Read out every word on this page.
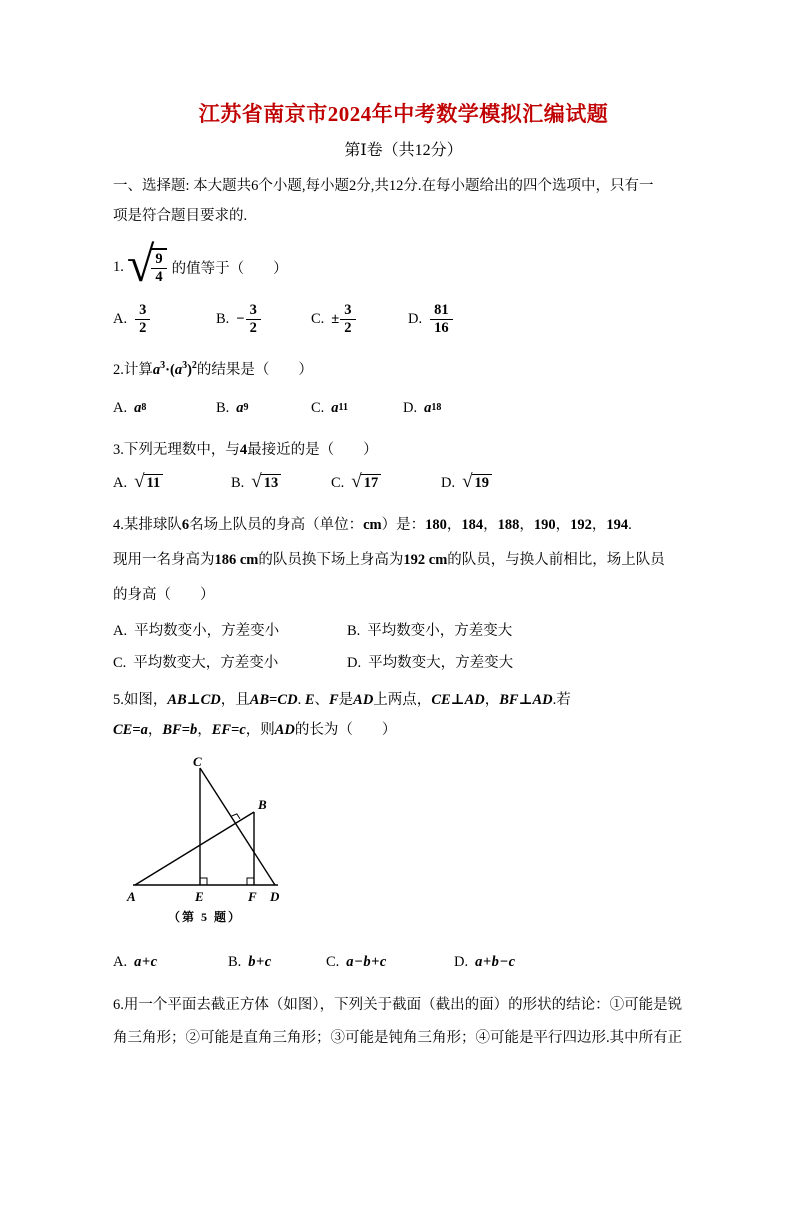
江苏省南京市2024年中考数学模拟汇编试题
第Ⅰ卷（共12分）
一、选择题: 本大题共6个小题,每小题2分,共12分.在每小题给出的四个选项中，只有一
项是符合题目要求的.
1. √
$\frac{9}{4}$ 的值等于（　　）
A. $\frac{3}{2}$	B. − $\frac{3}{2}$	C. ± $\frac{3}{2}$	D. $\frac{81}{16}$
2.计算$a^3\cdot(a^3)^2$的结果是（　　）
A. a 8	B. a 9	C. a 11	D. a 18
3.下列无理数中，与4最接近的是（　　）
A. √ 11	B. √ 13	C. √ 17	D. √ 19
4.某排球队6名场上队员的身高（单位：cm）是：180，184，188，190，192，194.
现用一名身高为186 cm的队员换下场上身高为192 cm的队员，与换人前相比，场上队员
的身高（　　）
A. 平均数变小，方差变小	B. 平均数变小，方差变大
C. 平均数变大，方差变小	D. 平均数变大，方差变大
5.如图，AB⊥CD，且AB=CD. E、F是AD上两点，CE⊥AD，BF⊥AD.若
CE=a，BF=b，EF=c，则AD的长为（　　）
C
B
A	E	F D
（第 5 题）
A. a+c	B. b+c	C. a−b+c	D. a+b−c
6.用一个平面去截正方体（如图），下列关于截面（截出的面）的形状的结论：①可能是锐
角三角形；②可能是直角三角形；③可能是钝角三角形；④可能是平行四边形.其中所有正
